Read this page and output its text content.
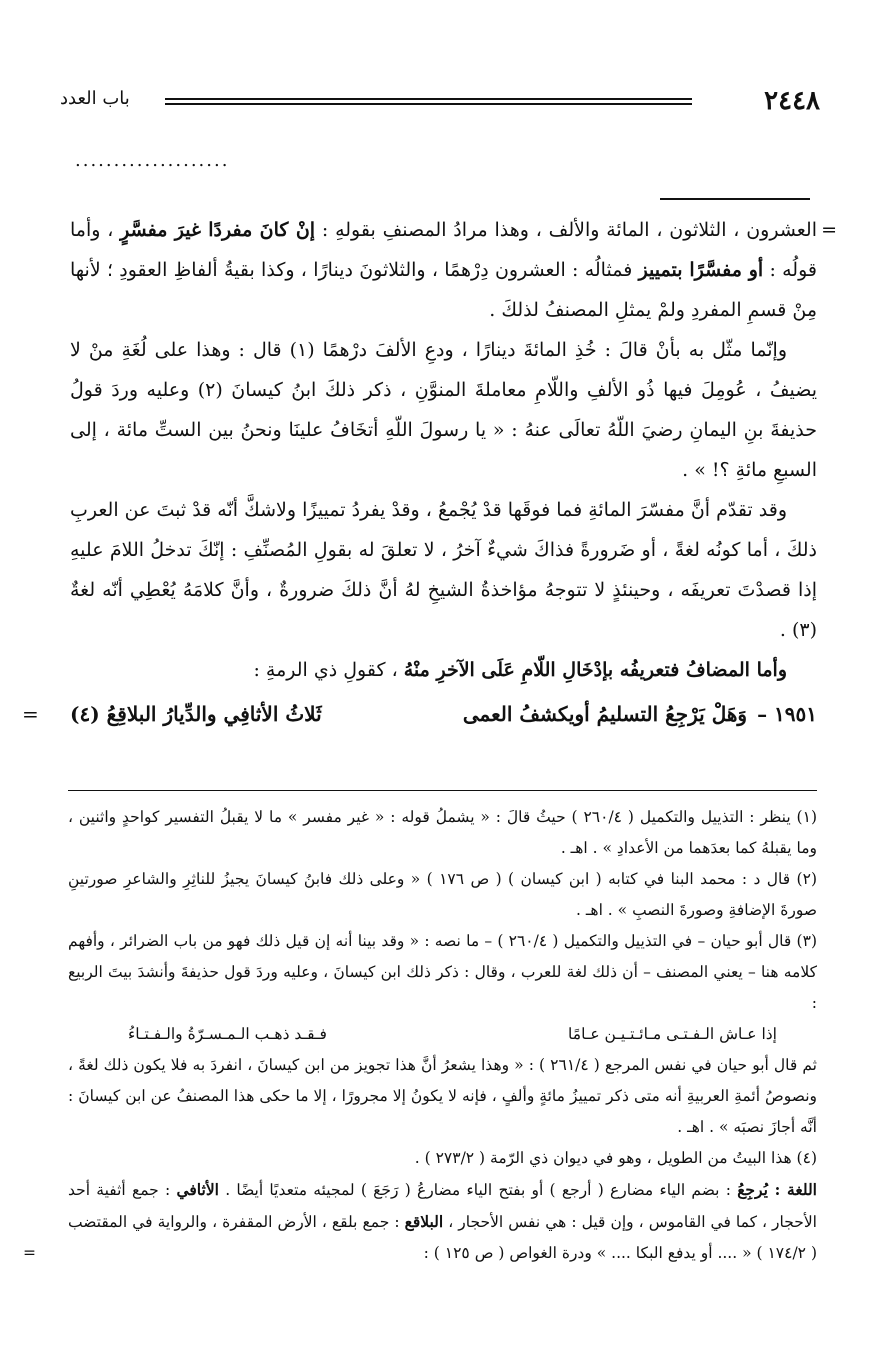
٢٤٤٨
باب العدد
....................
=

العشرون ، الثلاثون ، المائة والألف ، وهذا مرادُ المصنفِ بقولهِ : إنْ كانَ مفردًا غيرَ مفسَّرٍ ، وأما قولُه : أو مفسَّرًا بتمييز فمثالُه : العشرون دِرْهمًا ، والثلاثونَ دينارًا ، وكذا بقيةُ ألفاظِ العقودِ ؛ لأنها مِنْ قسمِ المفردِ ولمْ يمثلِ المصنفُ لذلكَ .

وإنّما مثّل به بأنْ قالَ : خُذِ المائةَ دينارًا ، ودعِ الألفَ درْهمًا (١) قال : وهذا على لُغَةِ منْ لا يضيفُ ، عُومِلَ فيها ذُو الألفِ واللّامِ معاملةَ المنوَّنِ ، ذكر ذلكَ ابنُ كيسانَ (٢) وعليه وردَ قولُ حذيفةَ بنِ اليمانِ رضيَ اللّهُ تعالَى عنهُ : « يا رسولَ اللّهِ أتخَافُ علينَا ونحنُ بين الستِّ مائة ، إلى السبعِ مائةِ ؟! » .

وقد تقدّم أنَّ مفسّرَ المائةِ فما فوقَها قدْ يُجْمعُ ، وقدْ يفردُ تمييزًا ولاشكَّ أنّه قدْ ثبتَ عن العربِ ذلكَ ، أما كونُه لغةً ، أو ضَرورةً فذاكَ شيءٌ آخرُ ، لا تعلقَ له بقولِ المُصنِّفِ : إنّكَ تدخلُ اللامَ عليهِ إذا قصدْتَ تعريفَه ، وحينئذٍ لا تتوجهُ مؤاخذةُ الشيخِ لهُ أنَّ ذلكَ ضرورةٌ ، وأنَّ كلامَهُ يُعْطِي أنّه لغةٌ (٣) .

وأما المضافُ فتعريفُه بإدْخَالِ اللّامِ عَلَى الآخرِ منْهُ ، كقولِ ذي الرمةِ :

١٩٥١ –
وَهَلْ يَرْجِعُ التسليمُ أويكشفُ العمى
ثَلاثُ الأثافِي والدِّيارُ البلاقِعُ (٤)
=

(١) ينظر : التذييل والتكميل ( ٢٦٠/٤ ) حيثُ قالَ : « يشملُ قوله : « غير مفسر » ما لا يقبلُ التفسير كواحدٍ واثنين ، وما يقبلهُ كما بعدَهما من الأعدادِ » . اهـ .

(٢) قال د : محمد البنا في كتابه ( ابن كيسان ) ( ص ١٧٦ ) « وعلى ذلك فابنُ كيسانَ يجيزُ للناثِرِ والشاعرِ صورتينِ صورةَ الإضافةِ وصورةَ النصبِ » . اهـ .

(٣) قال أبو حيان – في التذييل والتكميل ( ٢٦٠/٤ ) – ما نصه : « وقد بينا أنه إن قيل ذلك فهو من باب الضرائر ، وأفهم كلامه هنا – يعني المصنف – أن ذلك لغة للعرب ، وقال : ذكر ذلك ابن كيسانَ ، وعليه وردَ قول حذيفةَ وأنشدَ بيتَ الربيع :

إذا عـاش الـفـتـى مـائـتـيـن عـامًا
فـقـد ذهـب الـمـسـرّةُ والـفـتـاءُ

ثم قال أبو حيان في نفس المرجع ( ٢٦١/٤ ) : « وهذا يشعرُ أنَّ هذا تجويز من ابن كيسانَ ، انفردَ به فلا يكون ذلك لغةً ، ونصوصُ أئمةِ العربيةِ أنه متى ذكر تمييزُ مائةٍ وألفٍ ، فإنه لا يكونُ إلا مجرورًا ، إلا ما حكى هذا المصنفُ عن ابن كيسانَ : أنَّه أجازَ نصبَه » . اهـ .

(٤) هذا البيتُ من الطويل ، وهو في ديوان ذي الرّمة ( ٢٧٣/٢ ) .

اللغة : يُرجِعُ : بضم الياء مضارع ( أرجع ) أو بفتح الياء مضارعُ ( رَجَعَ ) لمجيئه متعديًا أيضًا . الأثافي : جمع أثفية أحد الأحجار ، كما في القاموس ، وإن قيل : هي نفس الأحجار ، البلاقع : جمع بلقع ، الأرض المقفرة ، والرواية في المقتضب ( ١٧٤/٢ ) « .... أو يدفع البكا .... » ودرة الغواص ( ص ١٢٥ ) :

=
